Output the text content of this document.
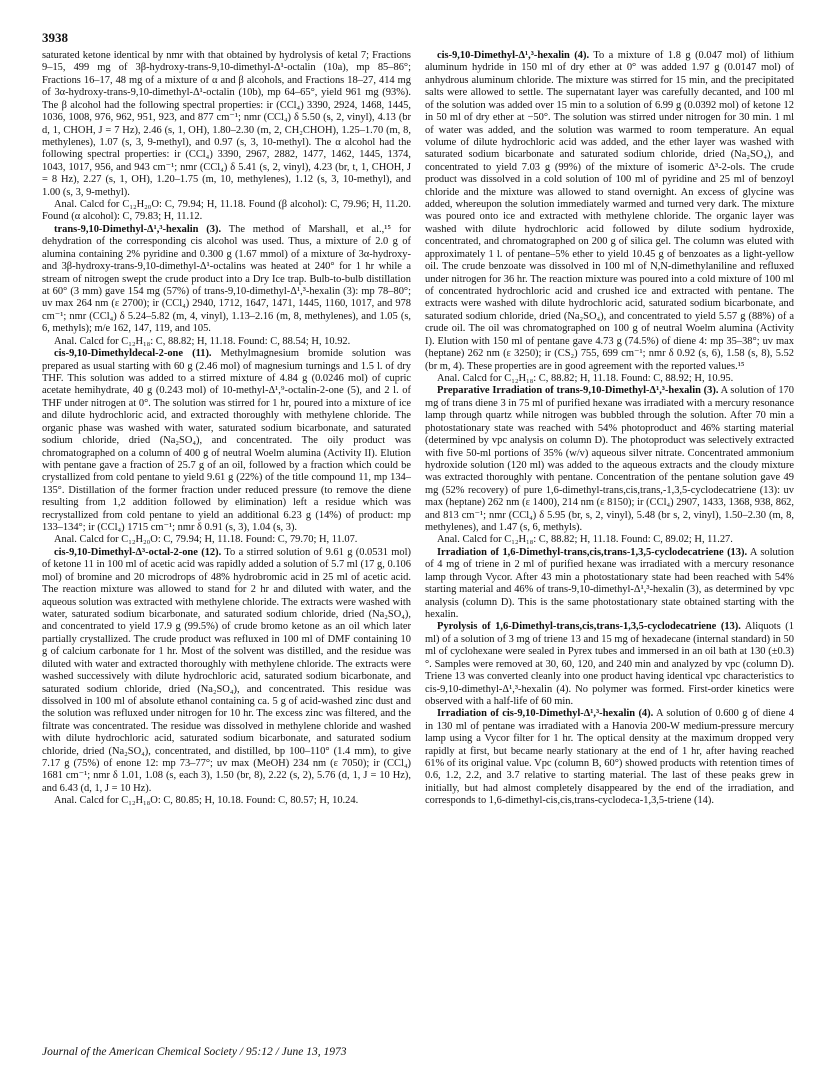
3938

saturated ketone identical by nmr with that obtained by hydrolysis of ketal 7; Fractions 9–15, 499 mg of 3β-hydroxy-trans-9,10-dimethyl-Δ¹-octalin (10a), mp 85–86°; Fractions 16–17, 48 mg of a mixture of α and β alcohols, and Fractions 18–27, 414 mg of 3α-hydroxy-trans-9,10-dimethyl-Δ¹-octalin (10b), mp 64–65°, yield 961 mg (93%). The β alcohol had the following spectral properties: ir (CCl₄) 3390, 2924, 1468, 1445, 1036, 1008, 976, 962, 951, 923, and 877 cm⁻¹; nmr (CCl₄) δ 5.50 (s, 2, vinyl), 4.13 (br d, 1, CHOH, J = 7 Hz), 2.46 (s, 1, OH), 1.80–2.30 (m, 2, CH₂CHOH), 1.25–1.70 (m, 8, methylenes), 1.07 (s, 3, 9-methyl), and 0.97 (s, 3, 10-methyl). The α alcohol had the following spectral properties: ir (CCl₄) 3390, 2967, 2882, 1477, 1462, 1445, 1374, 1043, 1017, 956, and 943 cm⁻¹; nmr (CCl₄) δ 5.41 (s, 2, vinyl), 4.23 (br, t, 1, CHOH, J = 8 Hz), 2.27 (s, 1, OH), 1.20–1.75 (m, 10, methylenes), 1.12 (s, 3, 10-methyl), and 1.00 (s, 3, 9-methyl).

Anal. Calcd for C₁₂H₂₀O: C, 79.94; H, 11.18. Found (β alcohol): C, 79.96; H, 11.20. Found (α alcohol): C, 79.83; H, 11.12.

trans-9,10-Dimethyl-Δ¹,³-hexalin (3). The method of Marshall, et al.,¹⁵ for dehydration of the corresponding cis alcohol was used. Thus, a mixture of 2.0 g of alumina containing 2% pyridine and 0.300 g (1.67 mmol) of a mixture of 3α-hydroxy- and 3β-hydroxy-trans-9,10-dimethyl-Δ¹-octalins was heated at 240° for 1 hr while a stream of nitrogen swept the crude product into a Dry Ice trap. Bulb-to-bulb distillation at 60° (3 mm) gave 154 mg (57%) of trans-9,10-dimethyl-Δ¹,³-hexalin (3): mp 78–80°; uv max 264 nm (ε 2700); ir (CCl₄) 2940, 1712, 1647, 1471, 1445, 1160, 1017, and 978 cm⁻¹; nmr (CCl₄) δ 5.24–5.82 (m, 4, vinyl), 1.13–2.16 (m, 8, methylenes), and 1.05 (s, 6, methyls); m/e 162, 147, 119, and 105.

Anal. Calcd for C₁₂H₁₈: C, 88.82; H, 11.18. Found: C, 88.54; H, 10.92.

cis-9,10-Dimethyldecal-2-one (11). Methylmagnesium bromide solution was prepared as usual starting with 60 g (2.46 mol) of magnesium turnings and 1.5 l. of dry THF. This solution was added to a stirred mixture of 4.84 g (0.0246 mol) of cupric acetate hemihydrate, 40 g (0.243 mol) of 10-methyl-Δ¹,⁹-octalin-2-one (5), and 2 l. of THF under nitrogen at 0°. The solution was stirred for 1 hr, poured into a mixture of ice and dilute hydrochloric acid, and extracted thoroughly with methylene chloride. The organic phase was washed with water, saturated sodium bicarbonate, and saturated sodium chloride, dried (Na₂SO₄), and concentrated. The oily product was chromatographed on a column of 400 g of neutral Woelm alumina (Activity II). Elution with pentane gave a fraction of 25.7 g of an oil, followed by a fraction which could be crystallized from cold pentane to yield 9.61 g (22%) of the title compound 11, mp 134–135°. Distillation of the former fraction under reduced pressure (to remove the diene resulting from 1,2 addition followed by elimination) left a residue which was recrystallized from cold pentane to yield an additional 6.23 g (14%) of product: mp 133–134°; ir (CCl₄) 1715 cm⁻¹; nmr δ 0.91 (s, 3), 1.04 (s, 3).

Anal. Calcd for C₁₂H₂₀O: C, 79.94; H, 11.18. Found: C, 79.70; H, 11.07.

cis-9,10-Dimethyl-Δ³-octal-2-one (12). To a stirred solution of 9.61 g (0.0531 mol) of ketone 11 in 100 ml of acetic acid was rapidly added a solution of 5.7 ml (17 g, 0.106 mol) of bromine and 20 microdrops of 48% hydrobromic acid in 25 ml of acetic acid. The reaction mixture was allowed to stand for 2 hr and diluted with water, and the aqueous solution was extracted with methylene chloride. The extracts were washed with water, saturated sodium bicarbonate, and saturated sodium chloride, dried (Na₂SO₄), and concentrated to yield 17.9 g (99.5%) of crude bromo ketone as an oil which later partially crystallized. The crude product was refluxed in 100 ml of DMF containing 10 g of calcium carbonate for 1 hr. Most of the solvent was distilled, and the residue was diluted with water and extracted thoroughly with methylene chloride. The extracts were washed successively with dilute hydrochloric acid, saturated sodium bicarbonate, and saturated sodium chloride, dried (Na₂SO₄), and concentrated. This residue was dissolved in 100 ml of absolute ethanol containing ca. 5 g of acid-washed zinc dust and the solution was refluxed under nitrogen for 10 hr. The excess zinc was filtered, and the filtrate was concentrated. The residue was dissolved in methylene chloride and washed with dilute hydrochloric acid, saturated sodium bicarbonate, and saturated sodium chloride, dried (Na₂SO₄), concentrated, and distilled, bp 100–110° (1.4 mm), to give 7.17 g (75%) of enone 12: mp 73–77°; uv max (MeOH) 234 nm (ε 7050); ir (CCl₄) 1681 cm⁻¹; nmr δ 1.01, 1.08 (s, each 3), 1.50 (br, 8), 2.22 (s, 2), 5.76 (d, 1, J = 10 Hz), and 6.43 (d, 1, J = 10 Hz).

Anal. Calcd for C₁₂H₁₈O: C, 80.85; H, 10.18. Found: C, 80.57; H, 10.24.

cis-9,10-Dimethyl-Δ¹,³-hexalin (4). To a mixture of 1.8 g (0.047 mol) of lithium aluminum hydride in 150 ml of dry ether at 0° was added 1.97 g (0.0147 mol) of anhydrous aluminum chloride. The mixture was stirred for 15 min, and the precipitated salts were allowed to settle. The supernatant layer was carefully decanted, and 100 ml of the solution was added over 15 min to a solution of 6.99 g (0.0392 mol) of ketone 12 in 50 ml of dry ether at −50°. The solution was stirred under nitrogen for 30 min. 1 ml of water was added, and the solution was warmed to room temperature. An equal volume of dilute hydrochloric acid was added, and the ether layer was washed with saturated sodium bicarbonate and saturated sodium chloride, dried (Na₂SO₄), and concentrated to yield 7.03 g (99%) of the mixture of isomeric Δ³-2-ols. The crude product was dissolved in a cold solution of 100 ml of pyridine and 25 ml of benzoyl chloride and the mixture was allowed to stand overnight. An excess of glycine was added, whereupon the solution immediately warmed and turned very dark. The mixture was poured onto ice and extracted with methylene chloride. The organic layer was washed with dilute hydrochloric acid followed by dilute sodium hydroxide, concentrated, and chromatographed on 200 g of silica gel. The column was eluted with approximately 1 l. of pentane–5% ether to yield 10.45 g of benzoates as a light-yellow oil. The crude benzoate was dissolved in 100 ml of N,N-dimethylaniline and refluxed under nitrogen for 36 hr. The reaction mixture was poured into a cold mixture of 100 ml of concentrated hydrochloric acid and crushed ice and extracted with pentane. The extracts were washed with dilute hydrochloric acid, saturated sodium bicarbonate, and saturated sodium chloride, dried (Na₂SO₄), and concentrated to yield 5.57 g (88%) of a crude oil. The oil was chromatographed on 100 g of neutral Woelm alumina (Activity I). Elution with 150 ml of pentane gave 4.73 g (74.5%) of diene 4: mp 35–38°; uv max (heptane) 262 nm (ε 3250); ir (CS₂) 755, 699 cm⁻¹; nmr δ 0.92 (s, 6), 1.58 (s, 8), 5.52 (br m, 4). These properties are in good agreement with the reported values.¹⁵

Anal. Calcd for C₁₂H₁₈: C, 88.82; H, 11.18. Found: C, 88.92; H, 10.95.

Preparative Irradiation of trans-9,10-Dimethyl-Δ¹,³-hexalin (3). A solution of 170 mg of trans diene 3 in 75 ml of purified hexane was irradiated with a mercury resonance lamp through quartz while nitrogen was bubbled through the solution. After 70 min a photostationary state was reached with 54% photoproduct and 46% starting material (determined by vpc analysis on column D). The photoproduct was selectively extracted with five 50-ml portions of 35% (w/v) aqueous silver nitrate. Concentrated ammonium hydroxide solution (120 ml) was added to the aqueous extracts and the cloudy mixture was extracted thoroughly with pentane. Concentration of the pentane solution gave 49 mg (52% recovery) of pure 1,6-dimethyl-trans,cis,trans,-1,3,5-cyclodecatriene (13): uv max (heptane) 262 nm (ε 1400), 214 nm (ε 8150); ir (CCl₄) 2907, 1433, 1368, 938, 862, and 813 cm⁻¹; nmr (CCl₄) δ 5.95 (br, s, 2, vinyl), 5.48 (br s, 2, vinyl), 1.50–2.30 (m, 8, methylenes), and 1.47 (s, 6, methyls).

Anal. Calcd for C₁₂H₁₈: C, 88.82; H, 11.18. Found: C, 89.02; H, 11.27.

Irradiation of 1,6-Dimethyl-trans,cis,trans-1,3,5-cyclodecatriene (13). A solution of 4 mg of triene in 2 ml of purified hexane was irradiated with a mercury resonance lamp through Vycor. After 43 min a photostationary state had been reached with 54% starting material and 46% of trans-9,10-dimethyl-Δ¹,³-hexalin (3), as determined by vpc analysis (column D). This is the same photostationary state obtained starting with the hexalin.

Pyrolysis of 1,6-Dimethyl-trans,cis,trans-1,3,5-cyclodecatriene (13). Aliquots (1 ml) of a solution of 3 mg of triene 13 and 15 mg of hexadecane (internal standard) in 50 ml of cyclohexane were sealed in Pyrex tubes and immersed in an oil bath at 130 (±0.3)°. Samples were removed at 30, 60, 120, and 240 min and analyzed by vpc (column D). Triene 13 was converted cleanly into one product having identical vpc characteristics to cis-9,10-dimethyl-Δ¹,³-hexalin (4). No polymer was formed. First-order kinetics were observed with a half-life of 60 min.

Irradiation of cis-9,10-Dimethyl-Δ¹,³-hexalin (4). A solution of 0.600 g of diene 4 in 130 ml of pentane was irradiated with a Hanovia 200-W medium-pressure mercury lamp using a Vycor filter for 1 hr. The optical density at the maximum dropped very rapidly at first, but became nearly stationary at the end of 1 hr, after having reached 61% of its original value. Vpc (column B, 60°) showed products with retention times of 0.6, 1.2, 2.2, and 3.7 relative to starting material. The last of these peaks grew in initially, but had almost completely disappeared by the end of the irradiation, and corresponds to 1,6-dimethyl-cis,cis,trans-cyclodeca-1,3,5-triene (14).

Journal of the American Chemical Society / 95:12 / June 13, 1973
